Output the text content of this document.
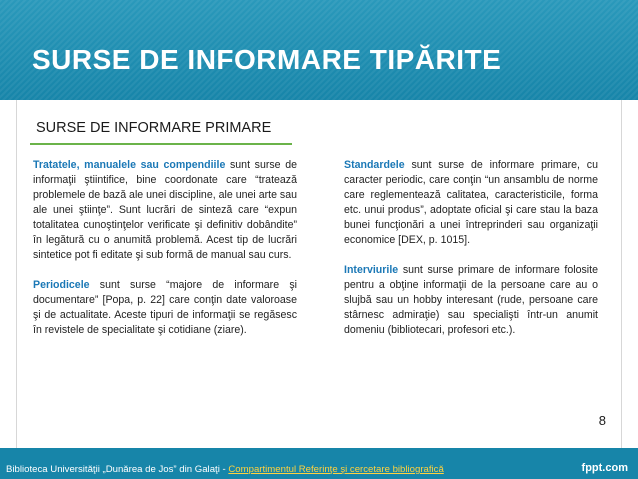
SURSE DE INFORMARE TIPĂRITE
SURSE DE INFORMARE PRIMARE

Tratatele, manualele sau compendiile sunt surse de informaţii ştiintifice, bine coordonate care “tratează problemele de bază ale unei discipline, ale unei arte sau ale unei ştiinţe”. Sunt lucrări de sinteză care “expun totalitatea cunoştinţelor verificate şi definitiv dobândite” în legătură cu o anumită problemă. Acest tip de lucrări sintetice pot fi editate şi sub formă de manual sau curs.

Periodicele sunt surse “majore de informare şi documentare” [Popa, p. 22] care conţin date valoroase şi de actualitate. Aceste tipuri de informaţii se regăsesc în revistele de specialitate şi cotidiane (ziare).

Standardele sunt surse de informare primare, cu caracter periodic, care conţin “un ansamblu de norme care reglementează calitatea, caracteristicile, forma etc. unui produs”, adoptate oficial şi care stau la baza bunei funcţionări a unei întreprinderi sau organizaţii economice [DEX, p. 1015].

Interviurile sunt surse primare de informare folosite pentru a obţine informaţii de la persoane care au o slujbă sau un hobby interesant (rude, persoane care stârnesc admiraţie) sau specialişti într-un anumit domeniu (bibliotecari, profesori etc.).

8
Biblioteca Universităţii „Dunărea de Jos” din Galaţi - Compartimentul Referinţe şi cercetare bibliografică	fppt.com
